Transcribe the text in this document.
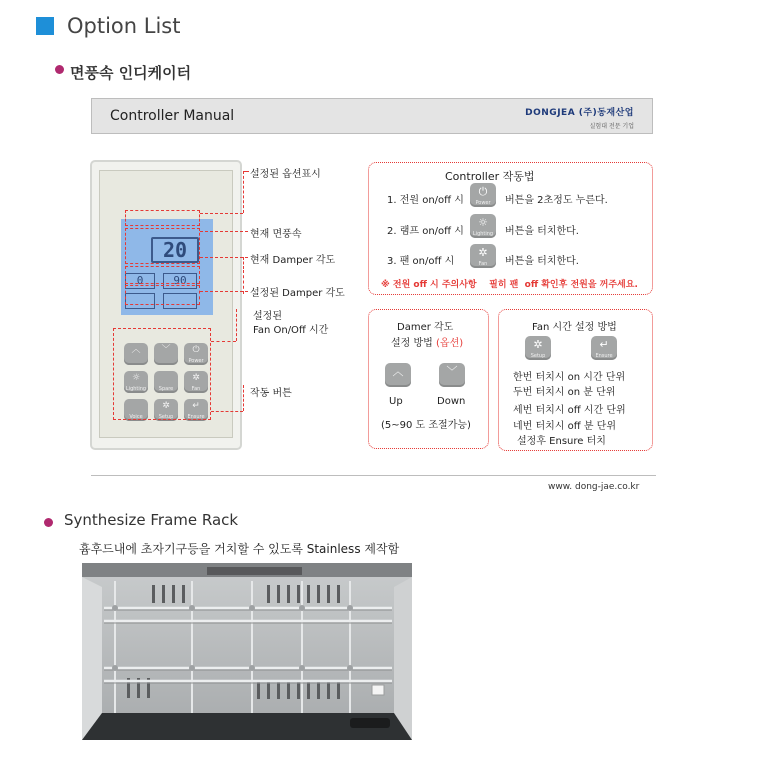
Option List
면풍속 인디케이터
Controller Manual	DONGJEA (주)동재산업
실험대 전문 기업
20
0	90
︿	﹀	⏻
Power
☼
Lighting	Spare
✲
Fan
Voice
✲
Setup
↵
Ensure
설정된 옵션표시
현재 면풍속
현재 Damper 각도
설정된 Damper 각도
설정된
Fan On/Off 시간
작동 버튼
Controller 작동법
1. 전원 on/off 시
⏻
Power	버튼을 2초정도 누른다.
2. 램프 on/off 시
☼
Lighting 버튼을 터치한다.
3. 팬 on/off 시
✲
Fan	버튼을 터치한다.
※ 전원 off 시 주의사항    필히 팬  off 확인후 전원을 꺼주세요.
Damer 각도
설정 방법 (옵션)
︿	﹀
Up	Down
(5~90 도 조절가능)
Fan 시간 설정 방법
✲
Setup
↵
Ensure
한번 터치시 on 시간 단위
두번 터치시 on 분 단위
세번 터치시 off 시간 단위
네번 터치시 off 분 단위
설정후 Ensure 터치
www. dong-jae.co.kr
Synthesize Frame Rack
흄후드내에 초자기구등을 거치할 수 있도록 Stainless 제작함
